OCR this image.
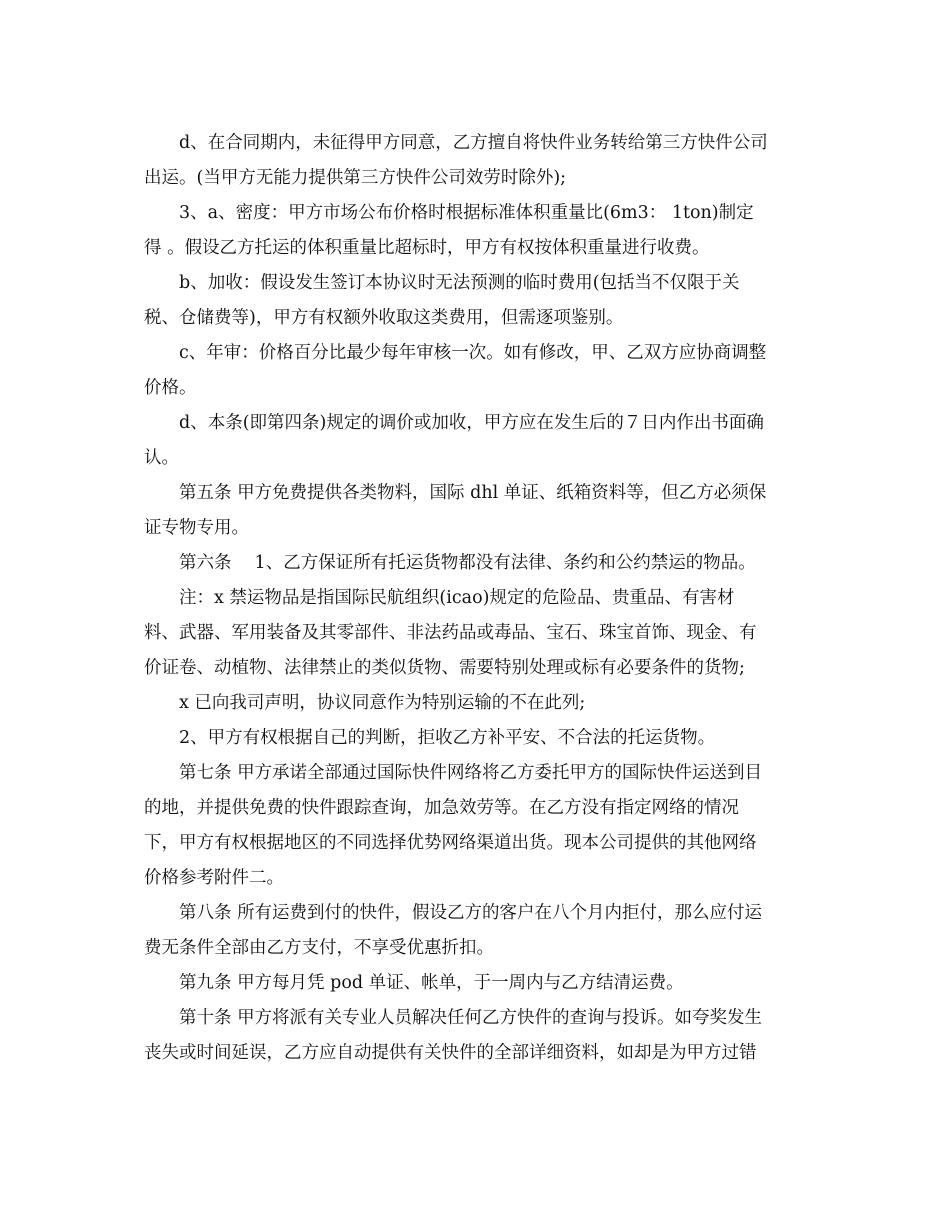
d、在合同期内，未征得甲方同意，乙方擅自将快件业务转给第三方快件公司
出运。(当甲方无能力提供第三方快件公司效劳时除外);
3、a、密度：甲方市场公布价格时根据标准体积重量比(6m3： 1ton)制定
得 。假设乙方托运的体积重量比超标时，甲方有权按体积重量进行收费。
b、加收：假设发生签订本协议时无法预测的临时费用(包括当不仅限于关
税、仓储费等)，甲方有权额外收取这类费用，但需逐项鉴别。
c、年审：价格百分比最少每年审核一次。如有修改，甲、乙双方应协商调整
价格。
d、本条(即第四条)规定的调价或加收，甲方应在发生后的７日内作出书面确
认。
第五条 甲方免费提供各类物料，国际 dhl 单证、纸箱资料等，但乙方必须保
证专物专用。
第六条　 1、乙方保证所有托运货物都没有法律、条约和公约禁运的物品。
注：x 禁运物品是指国际民航组织(icao)规定的危险品、贵重品、有害材
料、武器、军用装备及其零部件、非法药品或毒品、宝石、珠宝首饰、现金、有
价证卷、动植物、法律禁止的类似货物、需要特别处理或标有必要条件的货物;
x 已向我司声明，协议同意作为特别运输的不在此列;
2、甲方有权根据自己的判断，拒收乙方补平安、不合法的托运货物。
第七条 甲方承诺全部通过国际快件网络将乙方委托甲方的国际快件运送到目
的地，并提供免费的快件跟踪查询，加急效劳等。在乙方没有指定网络的情况
下，甲方有权根据地区的不同选择优势网络渠道出货。现本公司提供的其他网络
价格参考附件二。
第八条 所有运费到付的快件，假设乙方的客户在八个月内拒付，那么应付运
费无条件全部由乙方支付，不享受优惠折扣。
第九条 甲方每月凭 pod 单证、帐单，于一周内与乙方结清运费。
第十条 甲方将派有关专业人员解决任何乙方快件的查询与投诉。如夸奖发生
丧失或时间延误，乙方应自动提供有关快件的全部详细资料，如却是为甲方过错
